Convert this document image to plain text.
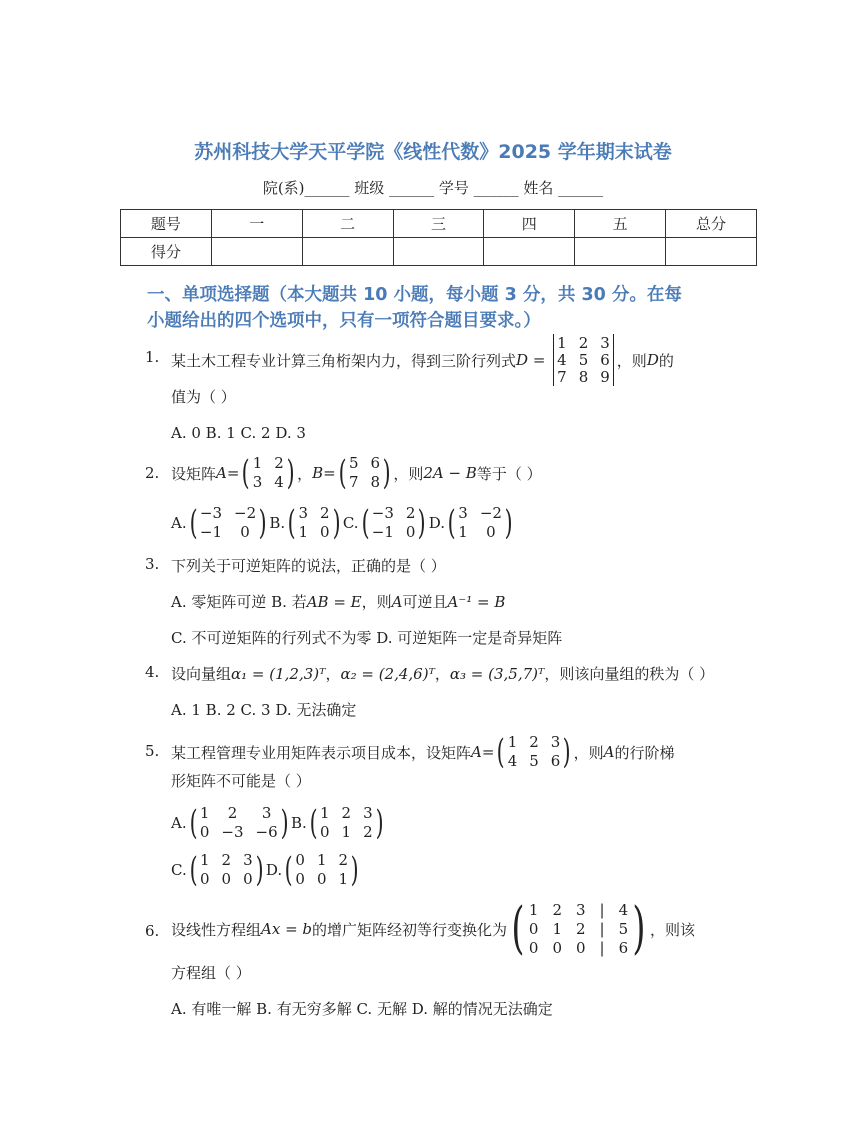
苏州科技大学天平学院《线性代数》2025 学年期末试卷
院(系)______ 班级 ______ 学号 ______ 姓名 ______
题号	一	二	三	四	五	总分
得分						
一、单项选择题（本大题共 10 小题，每小题 3 分，共 30 分。在每
小题给出的四个选项中，只有一项符合题目要求。）
1. 某土木工程专业计算三角桁架内力，得到三阶行列式 D =
1 2 3
4 5 6
7 8 9
，则 D 的
值为（ ）
A. 0 B. 1 C. 2 D. 3
2. 设矩阵 A = ( 1 2
3 4 ) ， B = ( 5 6
7 8 ) ，则 2A − B 等于（ ）
A. ( −3 −2
−1	0 ) B. ( 3 2
1 0 ) C. ( −3 2
−1 0 ) D. ( 3 −2
1	0 )
3. 下列关于可逆矩阵的说法，正确的是（ ）
A. 零矩阵可逆 B. 若AB = E，则A可逆且A⁻¹ = B
C. 不可逆矩阵的行列式不为零 D. 可逆矩阵一定是奇异矩阵
4. 设向量组α₁ = (1,2,3)ᵀ，α₂ = (2,4,6)ᵀ，α₃ = (3,5,7)ᵀ，则该向量组的秩为（ ）
A. 1 B. 2 C. 3 D. 无法确定
5. 某工程管理专业用矩阵表示项目成本，设矩阵 A = ( 1 2 3
4 5 6 ) ，则 A 的行阶梯
形矩阵不可能是（ ）
A. ( 1	2	3
0 −3 −6 ) B. ( 1 2 3
0 1 2 )
C. ( 1 2 3
0 0 0 ) D. ( 0 1 2
0 0 1 )
6. 设线性方程组 Ax = b 的增广矩阵经初等行变换化为 ( 1 2 3 | 4
0 1 2 | 5
0 0 0 | 6 ) ，则该
方程组（ ）
A. 有唯一解 B. 有无穷多解 C. 无解 D. 解的情况无法确定
